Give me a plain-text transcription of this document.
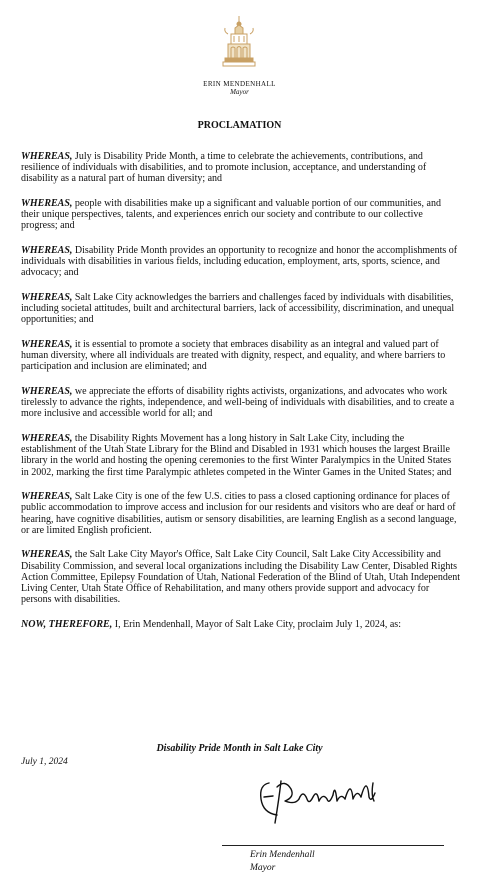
ERIN MENDENHALL
Mayor
PROCLAMATION

WHEREAS, July is Disability Pride Month, a time to celebrate the achievements, contributions, and resilience of individuals with disabilities, and to promote inclusion, acceptance, and understanding of disability as a natural part of human diversity; and

WHEREAS, people with disabilities make up a significant and valuable portion of our communities, and their unique perspectives, talents, and experiences enrich our society and contribute to our collective progress; and

WHEREAS, Disability Pride Month provides an opportunity to recognize and honor the accomplishments of individuals with disabilities in various fields, including education, employment, arts, sports, science, and advocacy; and

WHEREAS, Salt Lake City acknowledges the barriers and challenges faced by individuals with disabilities, including societal attitudes, built and architectural barriers, lack of accessibility, discrimination, and unequal opportunities; and

WHEREAS, it is essential to promote a society that embraces disability as an integral and valued part of human diversity, where all individuals are treated with dignity, respect, and equality, and where barriers to participation and inclusion are eliminated; and

WHEREAS, we appreciate the efforts of disability rights activists, organizations, and advocates who work tirelessly to advance the rights, independence, and well-being of individuals with disabilities, and to create a more inclusive and accessible world for all; and

WHEREAS, the Disability Rights Movement has a long history in Salt Lake City, including the establishment of the Utah State Library for the Blind and Disabled in 1931 which houses the largest Braille library in the world and hosting the opening ceremonies to the first Winter Paralympics in the United States in 2002, marking the first time Paralympic athletes competed in the Winter Games in the United States; and

WHEREAS, Salt Lake City is one of the few U.S. cities to pass a closed captioning ordinance for places of public accommodation to improve access and inclusion for our residents and visitors who are deaf or hard of hearing, have cognitive disabilities, autism or sensory disabilities, are learning English as a second language, or are limited English proficient.

WHEREAS, the Salt Lake City Mayor's Office, Salt Lake City Council, Salt Lake City Accessibility and Disability Commission, and several local organizations including the Disability Law Center, Disabled Rights Action Committee, Epilepsy Foundation of Utah, National Federation of the Blind of Utah, Utah Independent Living Center, Utah State Office of Rehabilitation, and many others provide support and advocacy for persons with disabilities.

NOW, THEREFORE, I, Erin Mendenhall, Mayor of Salt Lake City, proclaim July 1, 2024, as:

Disability Pride Month in Salt Lake City
July 1, 2024
Erin Mendenhall
Mayor
